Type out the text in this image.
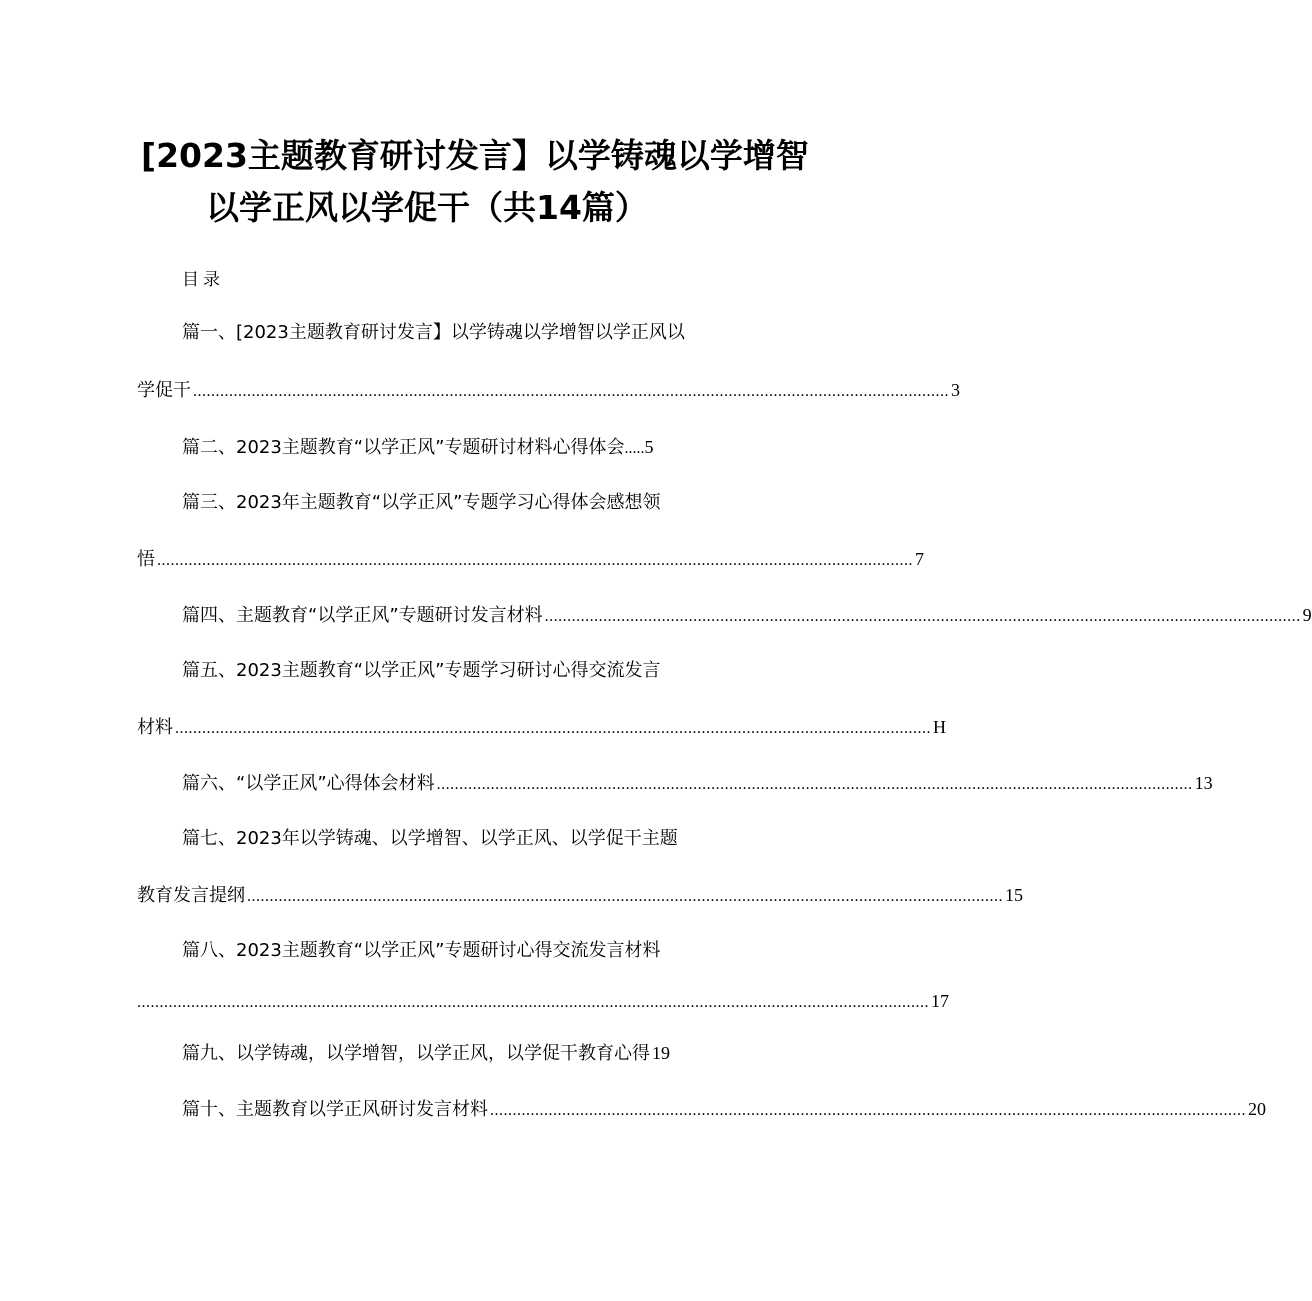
[2023主题教育研讨发言】以学铸魂以学增智
以学正风以学促干（共14篇）
目录
篇一、[2023主题教育研讨发言】以学铸魂以学增智以学正风以
学促干 ........................................................................................................................................................................ 3
篇二、2023主题教育“以学正风”专题研讨材料心得体会 ..... 5
篇三、2023年主题教育“以学正风”专题学习心得体会感想领
悟 ........................................................................................................................................................................ 7
篇四、主题教育“以学正风”专题研讨发言材料 ........................................................................................................................................................................ 9
篇五、2023主题教育“以学正风”专题学习研讨心得交流发言
材料 ........................................................................................................................................................................ H
篇六、“以学正风”心得体会材料 ........................................................................................................................................................................ 13
篇七、2023年以学铸魂、以学增智、以学正风、以学促干主题
教育发言提纲 ........................................................................................................................................................................ 15
篇八、2023主题教育“以学正风”专题研讨心得交流发言材料
................................................................................................................................................................................ 17
篇九、以学铸魂，以学增智，以学正风，以学促干教育心得 19
篇十、主题教育以学正风研讨发言材料 ........................................................................................................................................................................ 20
